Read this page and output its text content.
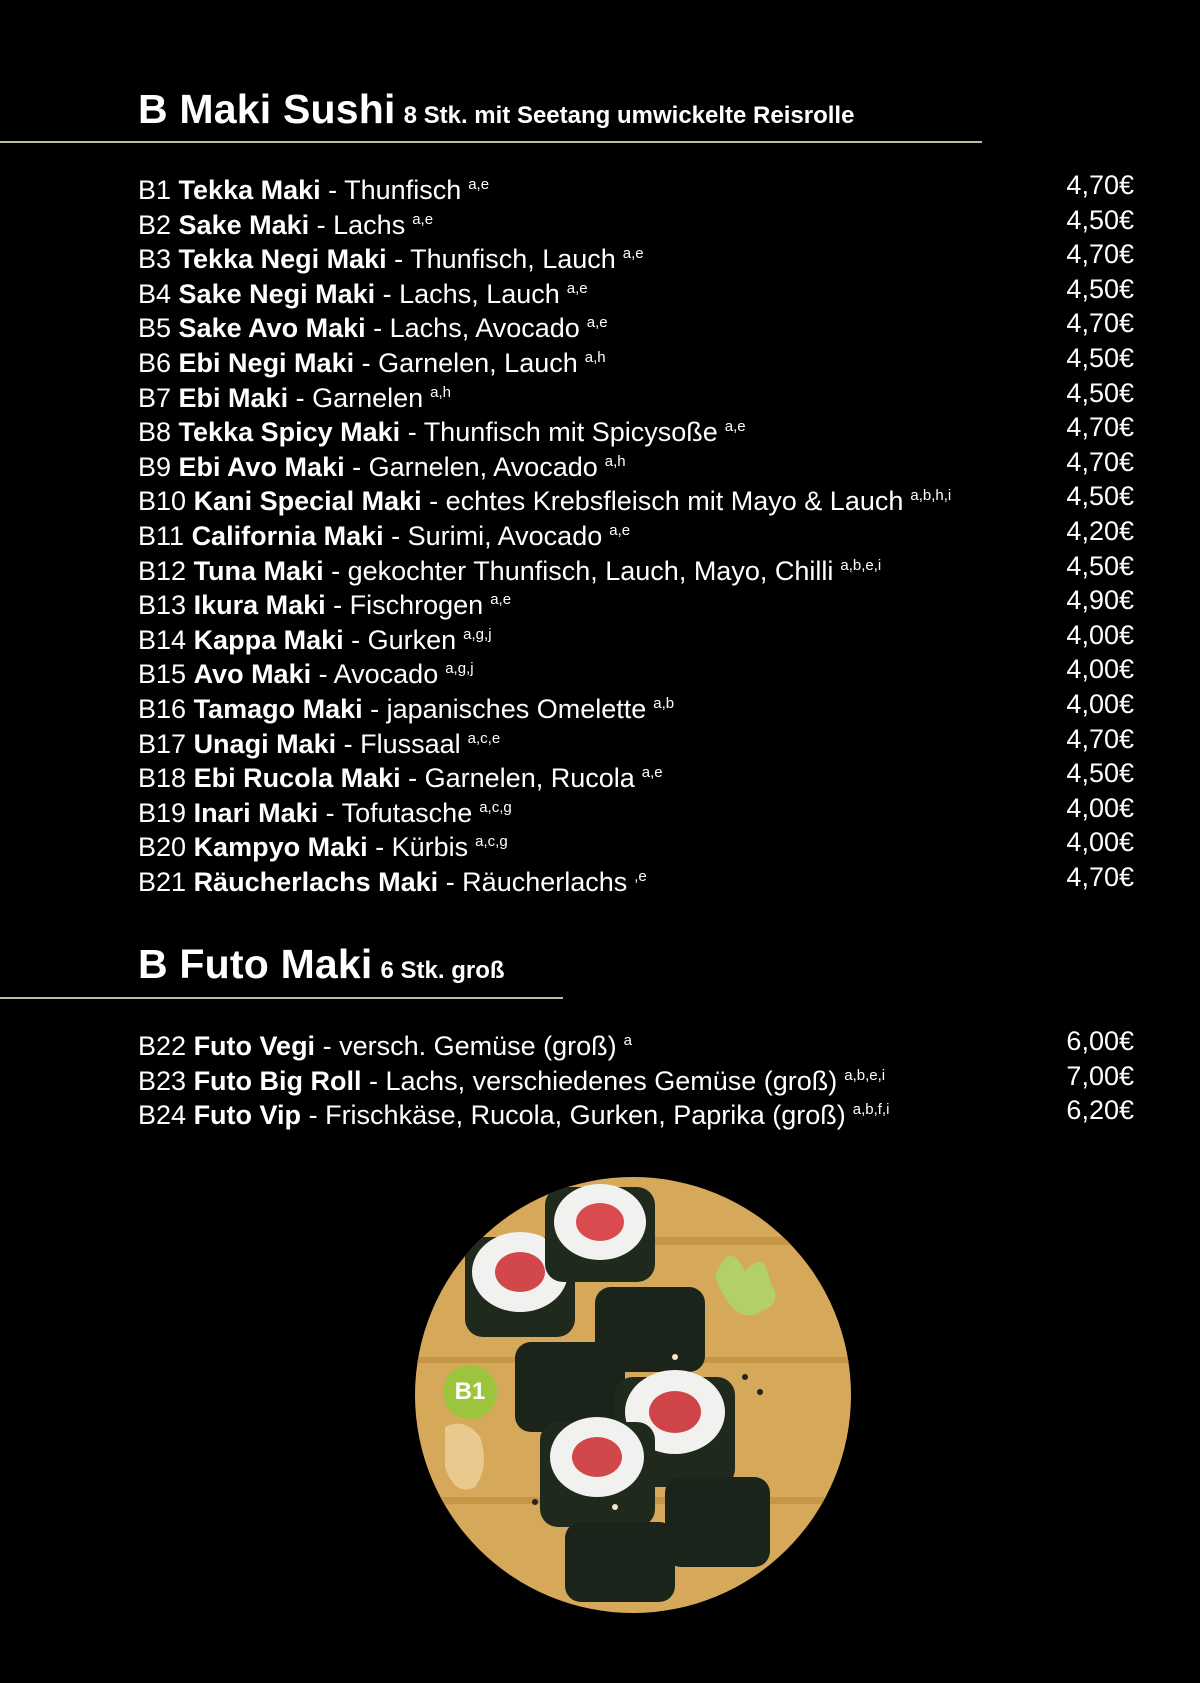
B Maki Sushi 8 Stk. mit Seetang umwickelte Reisrolle
B1 Tekka Maki - Thunfisch $^{a,e}$	4,70€
B2 Sake Maki - Lachs $^{a,e}$	4,50€
B3 Tekka Negi Maki - Thunfisch, Lauch $^{a,e}$	4,70€
B4 Sake Negi Maki - Lachs, Lauch $^{a,e}$	4,50€
B5 Sake Avo Maki - Lachs, Avocado $^{a,e}$	4,70€
B6 Ebi Negi Maki - Garnelen, Lauch $^{a,h}$	4,50€
B7 Ebi Maki - Garnelen $^{a,h}$	4,50€
B8 Tekka Spicy Maki - Thunfisch mit Spicysoße $^{a,e}$	4,70€
B9 Ebi Avo Maki - Garnelen, Avocado $^{a,h}$	4,70€
B10 Kani Special Maki - echtes Krebsfleisch mit Mayo & Lauch $^{a,b,h,i}$	4,50€
B11 California Maki - Surimi, Avocado $^{a,e}$	4,20€
B12 Tuna Maki - gekochter Thunfisch, Lauch, Mayo, Chilli $^{a,b,e,i}$	4,50€
B13 Ikura Maki - Fischrogen $^{a,e}$	4,90€
B14 Kappa Maki - Gurken $^{a,g,j}$	4,00€
B15 Avo Maki - Avocado $^{a,g,j}$	4,00€
B16 Tamago Maki - japanisches Omelette $^{a,b}$	4,00€
B17 Unagi Maki - Flussaal $^{a,c,e}$	4,70€
B18 Ebi Rucola Maki - Garnelen, Rucola $^{a,e}$	4,50€
B19 Inari Maki - Tofutasche $^{a,c,g}$	4,00€
B20 Kampyo Maki - Kürbis $^{a,c,g}$	4,00€
B21 Räucherlachs Maki - Räucherlachs $^{,e}$	4,70€
B Futo Maki 6 Stk. groß
B22 Futo Vegi - versch. Gemüse (groß) $^a$	6,00€
B23 Futo Big Roll - Lachs, verschiedenes Gemüse (groß) $^{a,b,e,i}$	7,00€
B24 Futo Vip - Frischkäse, Rucola, Gurken, Paprika (groß) $^{a,b,f,i}$	6,20€
B1
